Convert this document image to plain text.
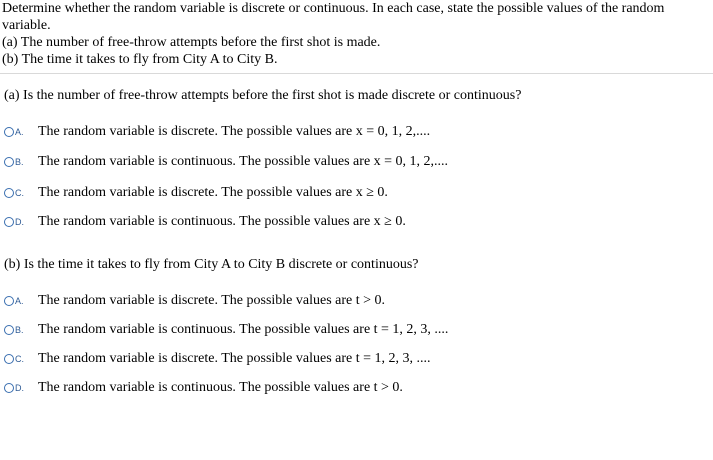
Determine whether the random variable is discrete or continuous. In each case, state the possible values of the random variable.
(a) The number of free-throw attempts before the first shot is made.
(b) The time it takes to fly from City A to City B.
(a) Is the number of free-throw attempts before the first shot is made discrete or continuous?
A.	The random variable is discrete. The possible values are x = 0, 1, 2,....
B.	The random variable is continuous. The possible values are x = 0, 1, 2,....
C.	The random variable is discrete. The possible values are x ≥ 0.
D.	The random variable is continuous. The possible values are x ≥ 0.
(b) Is the time it takes to fly from City A to City B discrete or continuous?
A.	The random variable is discrete. The possible values are t > 0.
B.	The random variable is continuous. The possible values are t = 1, 2, 3, ....
C.	The random variable is discrete. The possible values are t = 1, 2, 3, ....
D.	The random variable is continuous. The possible values are t > 0.
